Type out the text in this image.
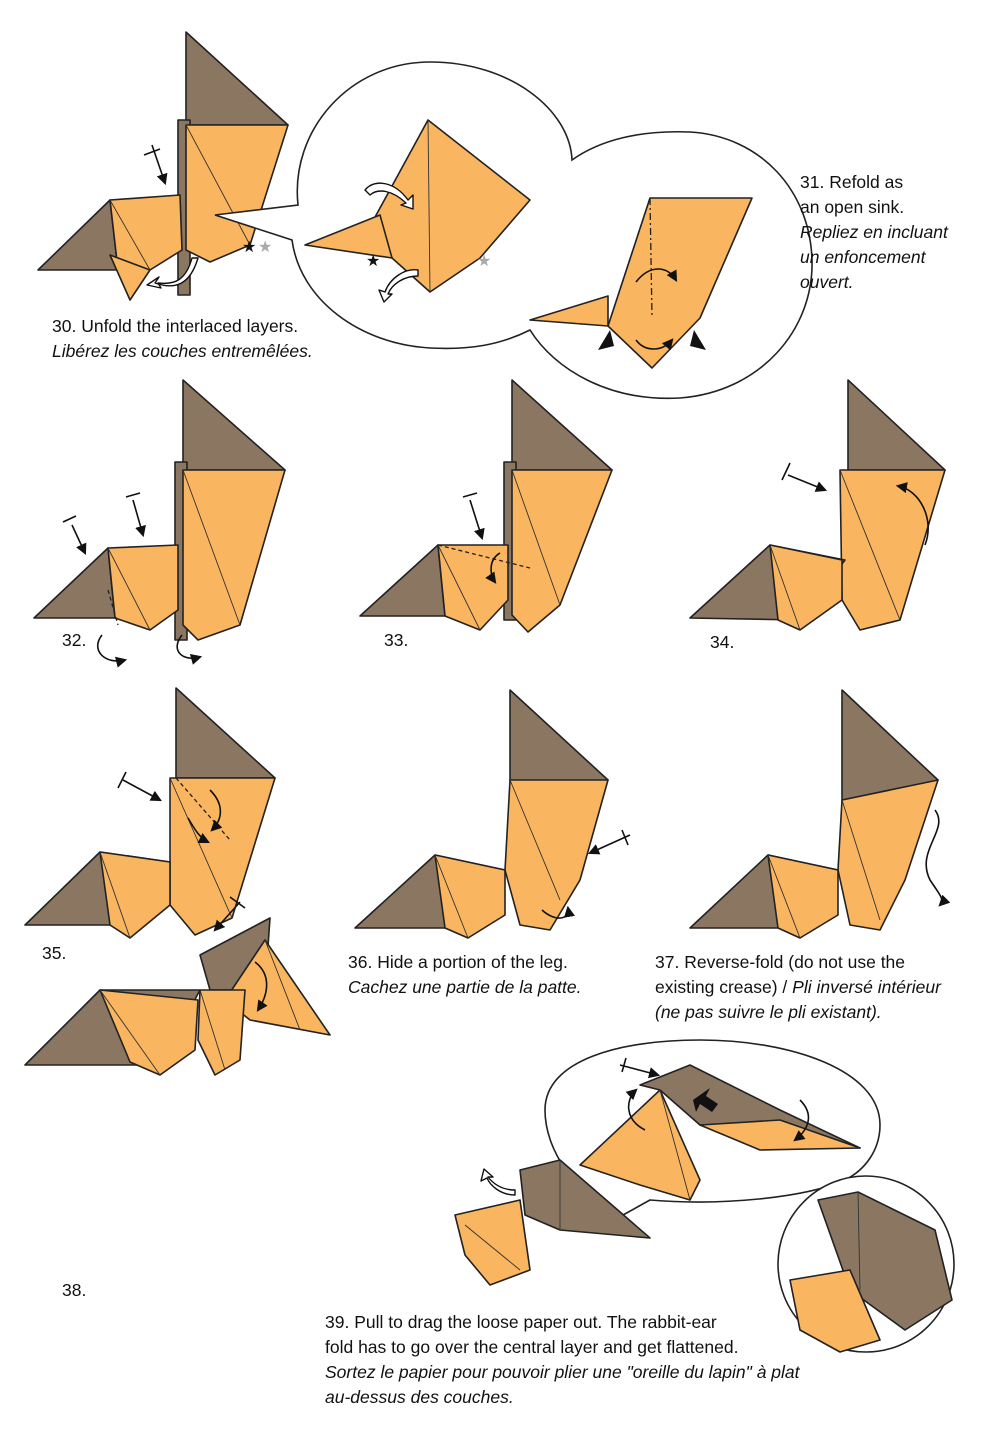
★ ★
★	★

30. Unfold the interlaced layers.
Libérez les couches entremêlées.

31. Refold as
an open sink.
Repliez en incluant
un enfoncement
ouvert.

32.	33.	34.
35.	36. Hide a portion of the leg.
Cachez une partie de la patte.

37. Reverse-fold (do not use the
existing crease) / Pli inversé intérieur
(ne pas suivre le pli existant).

38.

39. Pull to drag the loose paper out. The rabbit-ear
fold has to go over the central layer and get flattened.
Sortez le papier pour pouvoir plier une "oreille du lapin" à plat
au-dessus des couches.
